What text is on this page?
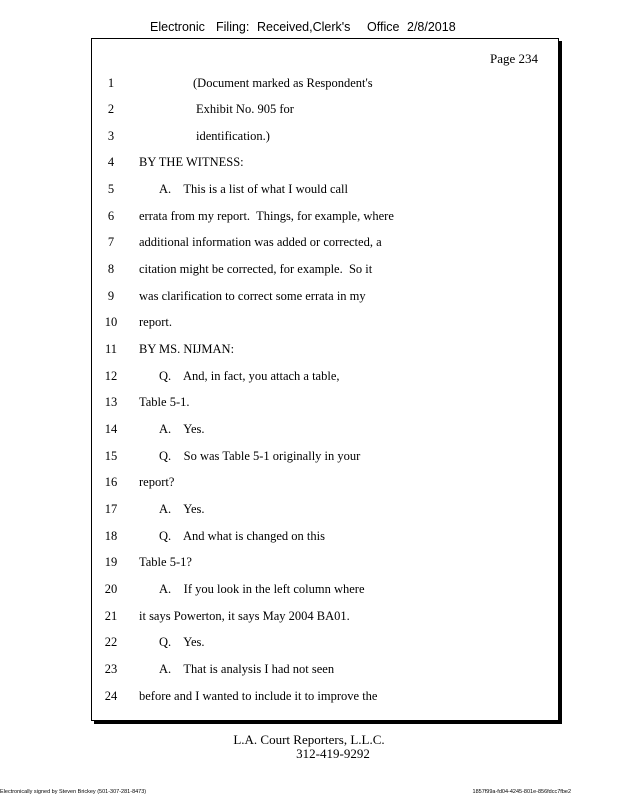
Electronic Filing: Received,Clerk's Office 2/8/2018
Page 234
1	(Document marked as Respondent's
2	Exhibit No. 905 for
3	identification.)
4	BY THE WITNESS:
5	A.    This is a list of what I would call
6	errata from my report.  Things, for example, where
7	additional information was added or corrected, a
8	citation might be corrected, for example.  So it
9	was clarification to correct some errata in my
10	report.
11	BY MS. NIJMAN:
12	Q.    And, in fact, you attach a table,
13	Table 5-1.
14	A.    Yes.
15	Q.    So was Table 5-1 originally in your
16	report?
17	A.    Yes.
18	Q.    And what is changed on this
19	Table 5-1?
20	A.    If you look in the left column where
21	it says Powerton, it says May 2004 BA01.
22	Q.    Yes.
23	A.    That is analysis I had not seen
24	before and I wanted to include it to improve the
L.A. Court Reporters, L.L.C.
312-419-9292
Electronically signed by Steven Brickey (501-307-281-8473)	1857f99a-fd04-4245-801e-856fdcc7fbe2
